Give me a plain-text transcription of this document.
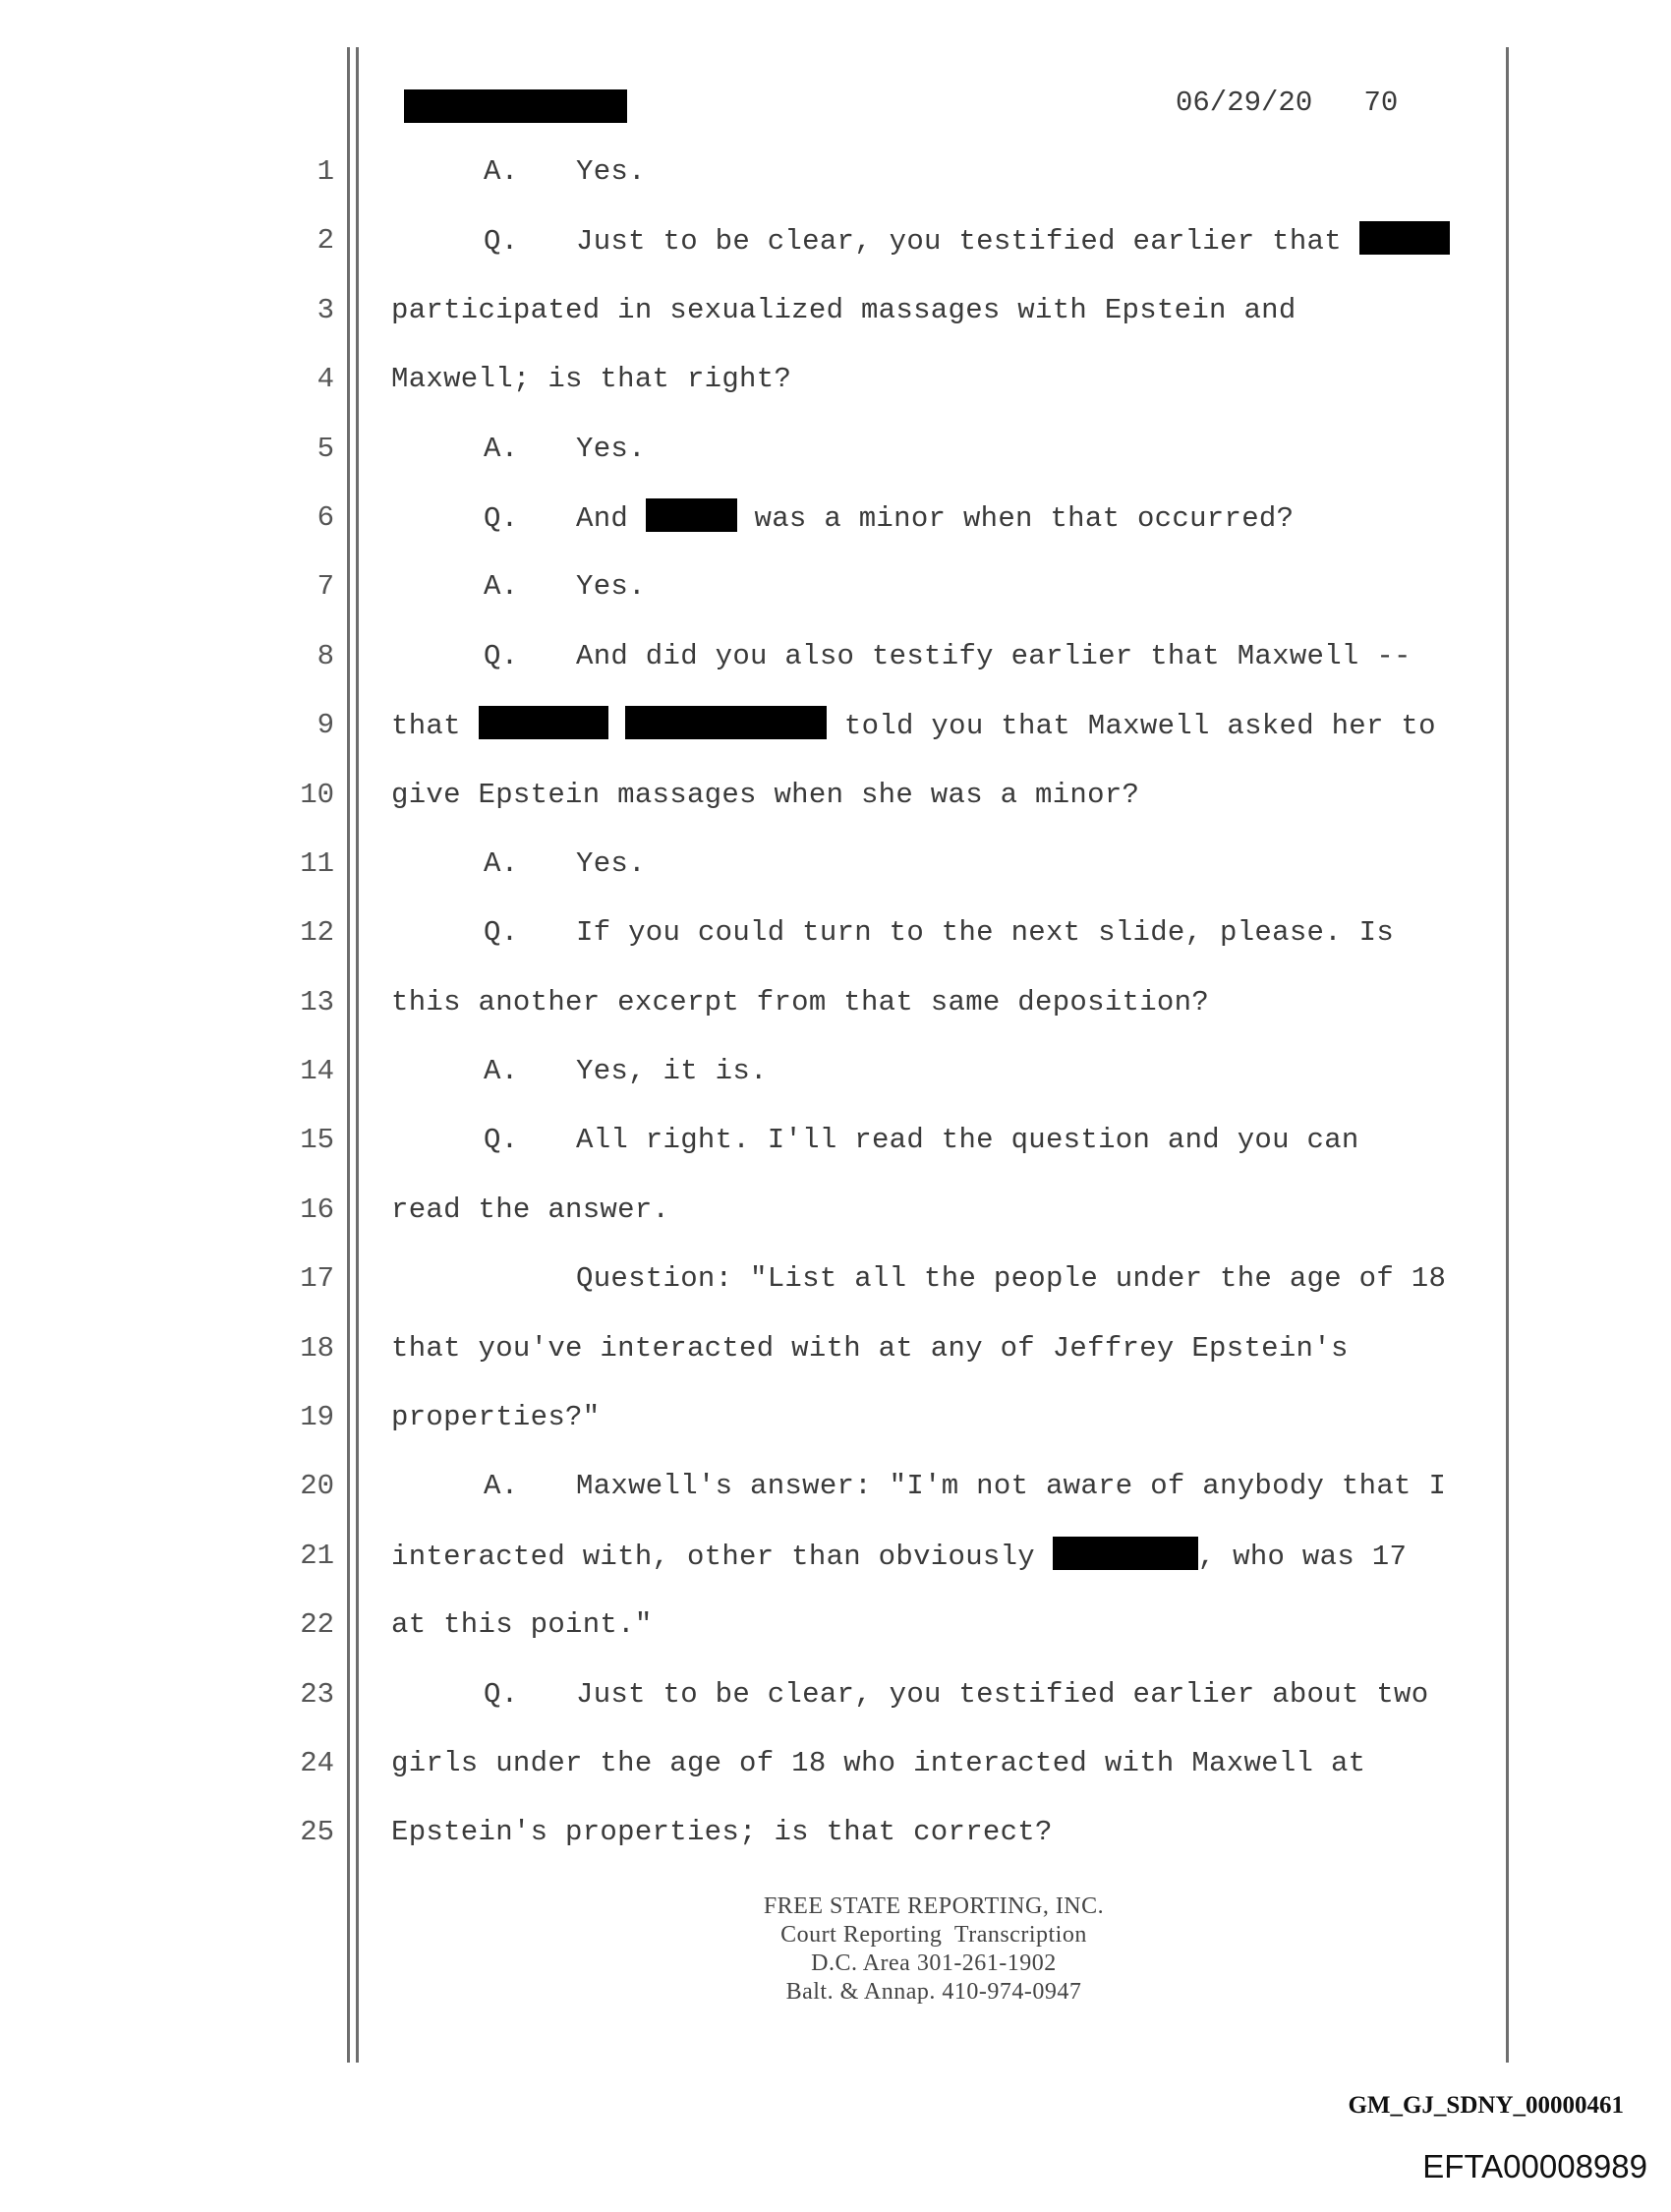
06/29/20 70
1
2
3
4
5
6
7
8
9
10
11
12
13
14
15
16
17
18
19
20
21
22
23
24
25
A. Yes.
Q. Just to be clear, you testified earlier that
participated in sexualized massages with Epstein and
Maxwell; is that right?
A. Yes.
Q. And	was a minor when that occurred?
A. Yes.
Q. And did you also testify earlier that Maxwell --
that	told you that Maxwell asked her to
give Epstein massages when she was a minor?
A. Yes.
Q. If you could turn to the next slide, please. Is
this another excerpt from that same deposition?
A. Yes, it is.
Q. All right. I'll read the question and you can
read the answer.
Question: "List all the people under the age of 18
that you've interacted with at any of Jeffrey Epstein's
properties?"
A. Maxwell's answer: "I'm not aware of anybody that I
interacted with, other than obviously	, who was 17
at this point."
Q. Just to be clear, you testified earlier about two
girls under the age of 18 who interacted with Maxwell at
Epstein's properties; is that correct?
FREE STATE REPORTING, INC.
Court Reporting  Transcription
D.C. Area 301-261-1902
Balt. & Annap. 410-974-0947
GM_GJ_SDNY_00000461
EFTA00008989
